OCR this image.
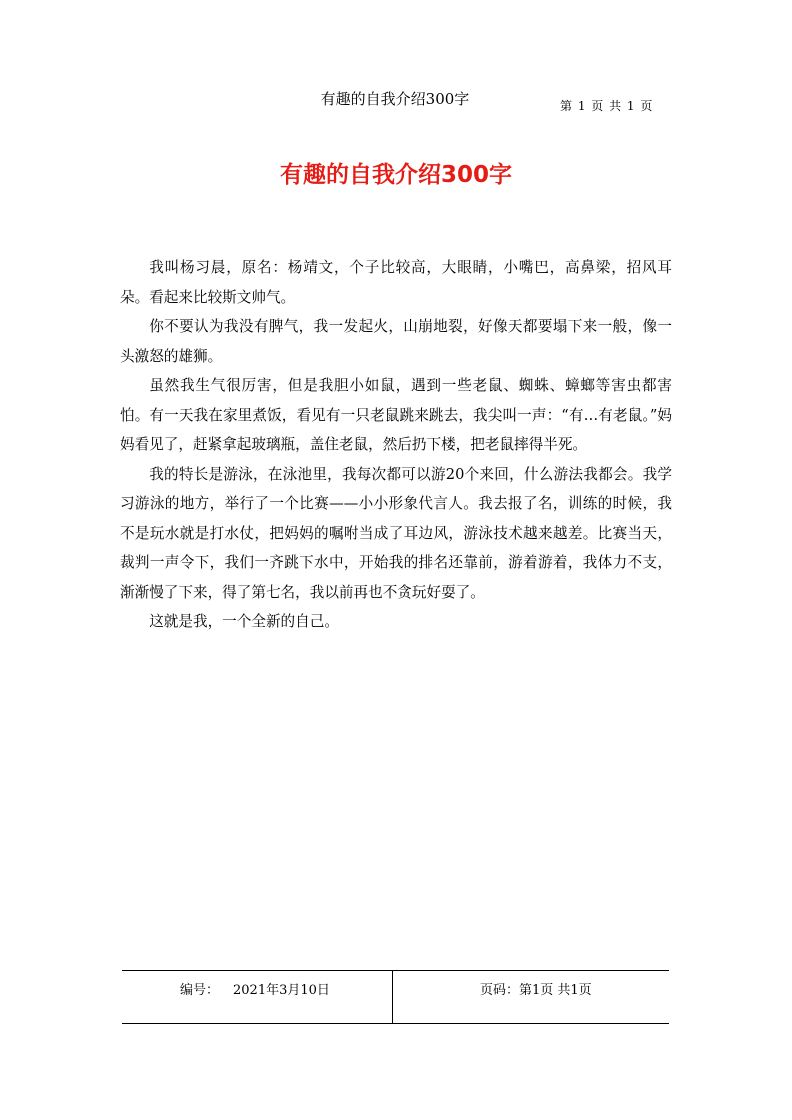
有趣的自我介绍300字	第 1 页 共 1 页
有趣的自我介绍300字

我叫杨习晨，原名：杨靖文，个子比较高，大眼睛，小嘴巴，高鼻梁，招风耳朵。看起来比较斯文帅气。

你不要认为我没有脾气，我一发起火，山崩地裂，好像天都要塌下来一般，像一头激怒的雄狮。

虽然我生气很厉害，但是我胆小如鼠，遇到一些老鼠、蜘蛛、蟑螂等害虫都害怕。有一天我在家里煮饭，看见有一只老鼠跳来跳去，我尖叫一声：“有…有老鼠。”妈妈看见了，赶紧拿起玻璃瓶，盖住老鼠，然后扔下楼，把老鼠摔得半死。

我的特长是游泳，在泳池里，我每次都可以游20个来回，什么游法我都会。我学习游泳的地方，举行了一个比赛——小小形象代言人。我去报了名，训练的时候，我不是玩水就是打水仗，把妈妈的嘱咐当成了耳边风，游泳技术越来越差。比赛当天，裁判一声令下，我们一齐跳下水中，开始我的排名还靠前，游着游着，我体力不支，渐渐慢了下来，得了第七名，我以前再也不贪玩好耍了。

这就是我，一个全新的自己。

编号： 2021年3月10日	页码：第1页 共1页
